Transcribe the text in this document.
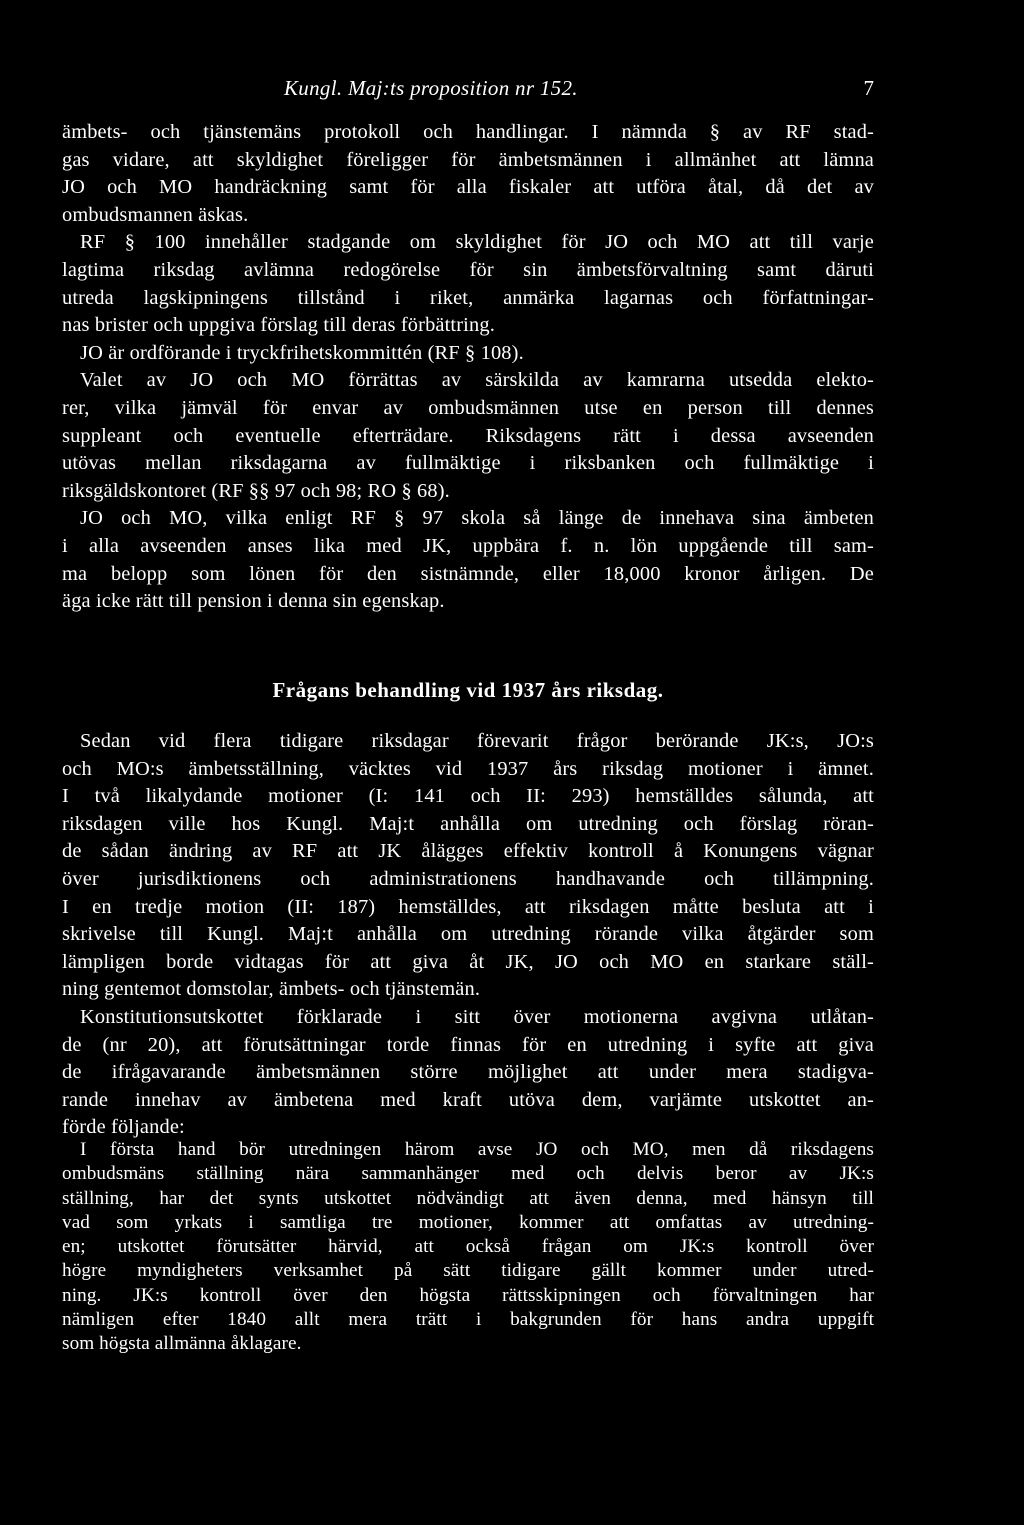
Kungl. Maj:ts proposition nr 152.	7
ämbets- och tjänstemäns protokoll och handlingar. I nämnda § av RF stad-
gas vidare, att skyldighet föreligger för ämbetsmännen i allmänhet att lämna
JO och MO handräckning samt för alla fiskaler att utföra åtal, då det av
ombudsmannen äskas.
RF § 100 innehåller stadgande om skyldighet för JO och MO att till varje
lagtima riksdag avlämna redogörelse för sin ämbetsförvaltning samt däruti
utreda lagskipningens tillstånd i riket, anmärka lagarnas och författningar-
nas brister och uppgiva förslag till deras förbättring.
JO är ordförande i tryckfrihetskommittén (RF § 108).
Valet av JO och MO förrättas av särskilda av kamrarna utsedda elekto-
rer, vilka jämväl för envar av ombudsmännen utse en person till dennes
suppleant och eventuelle efterträdare. Riksdagens rätt i dessa avseenden
utövas mellan riksdagarna av fullmäktige i riksbanken och fullmäktige i
riksgäldskontoret (RF §§ 97 och 98; RO § 68).
JO och MO, vilka enligt RF § 97 skola så länge de innehava sina ämbeten
i alla avseenden anses lika med JK, uppbära f. n. lön uppgående till sam-
ma belopp som lönen för den sistnämnde, eller 18,000 kronor årligen. De
äga icke rätt till pension i denna sin egenskap.
Frågans behandling vid 1937 års riksdag.
Sedan vid flera tidigare riksdagar förevarit frågor berörande JK:s, JO:s
och MO:s ämbetsställning, väcktes vid 1937 års riksdag motioner i ämnet.
I två likalydande motioner (I: 141 och II: 293) hemställdes sålunda, att
riksdagen ville hos Kungl. Maj:t anhålla om utredning och förslag röran-
de sådan ändring av RF att JK ålägges effektiv kontroll å Konungens vägnar
över jurisdiktionens och administrationens handhavande och tillämpning.
I en tredje motion (II: 187) hemställdes, att riksdagen måtte besluta att i
skrivelse till Kungl. Maj:t anhålla om utredning rörande vilka åtgärder som
lämpligen borde vidtagas för att giva åt JK, JO och MO en starkare ställ-
ning gentemot domstolar, ämbets- och tjänstemän.
Konstitutionsutskottet förklarade i sitt över motionerna avgivna utlåtan-
de (nr 20), att förutsättningar torde finnas för en utredning i syfte att giva
de ifrågavarande ämbetsmännen större möjlighet att under mera stadigva-
rande innehav av ämbetena med kraft utöva dem, varjämte utskottet an-
förde följande:
I första hand bör utredningen härom avse JO och MO, men då riksdagens
ombudsmäns ställning nära sammanhänger med och delvis beror av JK:s
ställning, har det synts utskottet nödvändigt att även denna, med hänsyn till
vad som yrkats i samtliga tre motioner, kommer att omfattas av utredning-
en; utskottet förutsätter härvid, att också frågan om JK:s kontroll över
högre myndigheters verksamhet på sätt tidigare gällt kommer under utred-
ning. JK:s kontroll över den högsta rättsskipningen och förvaltningen har
nämligen efter 1840 allt mera trätt i bakgrunden för hans andra uppgift
som högsta allmänna åklagare.
